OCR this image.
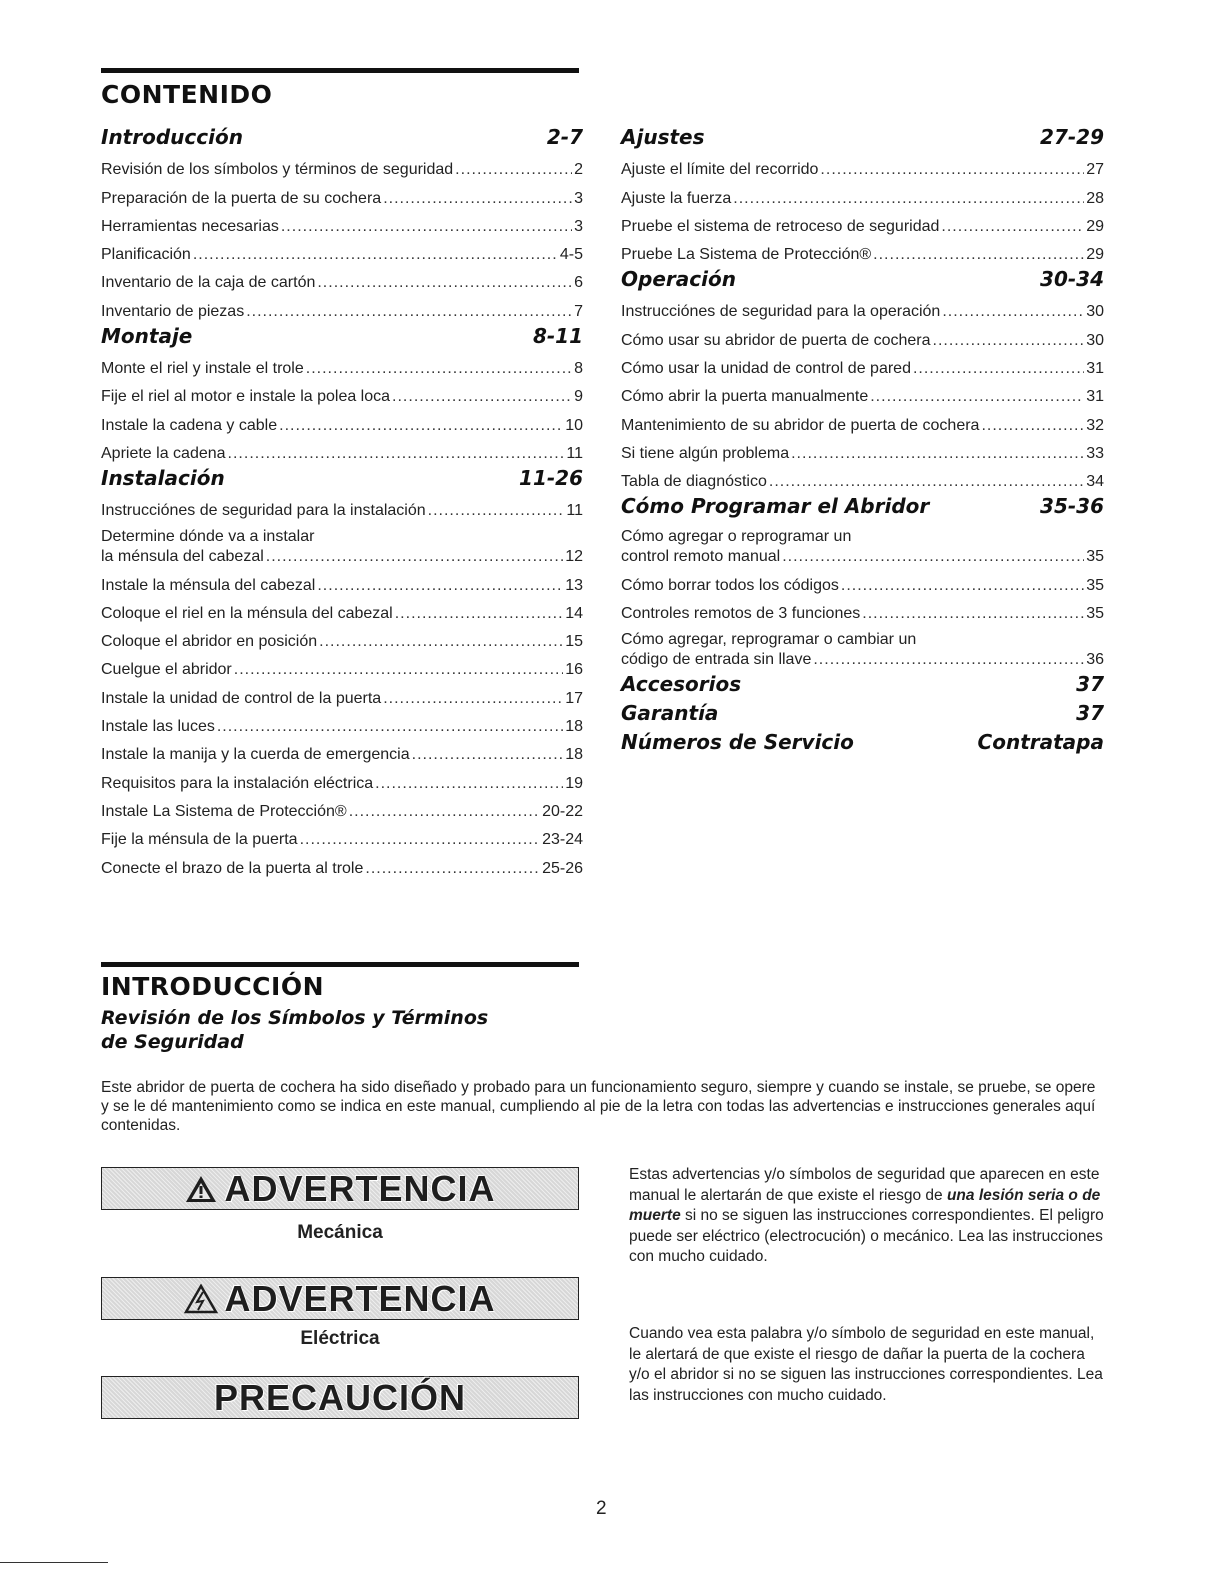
CONTENIDO
Introducción	2-7
Revisión de los símbolos y términos de seguridad .....	2
Preparación de la puerta de su cochera .....	3
Herramientas necesarias .....	3
Planificación .....	4-5
Inventario de la caja de cartón .....	6
Inventario de piezas .....	7
Montaje	8-11
Monte el riel y instale el trole .....	8
Fije el riel al motor e instale la polea loca .....	9
Instale la cadena y cable .....	10
Apriete la cadena .....	11
Instalación	11-26
Instrucciónes de seguridad para la instalación .....	11
Determine dónde va a instalar
la ménsula del cabezal .....	12
Instale la ménsula del cabezal .....	13
Coloque el riel en la ménsula del cabezal .....	14
Coloque el abridor en posición .....	15
Cuelgue el abridor .....	16
Instale la unidad de control de la puerta .....	17
Instale las luces .....	18
Instale la manija y la cuerda de emergencia .....	18
Requisitos para la instalación eléctrica .....	19
Instale La Sistema de Protección® .....	20-22
Fije la ménsula de la puerta .....	23-24
Conecte el brazo de la puerta al trole .....	25-26
Ajustes	27-29
Ajuste el límite del recorrido .....	27
Ajuste la fuerza .....	28
Pruebe el sistema de retroceso de seguridad .....	29
Pruebe La Sistema de Protección® .....	29
Operación	30-34
Instrucciónes de seguridad para la operación .....	30
Cómo usar su abridor de puerta de cochera .....	30
Cómo usar la unidad de control de pared .....	31
Cómo abrir la puerta manualmente .....	31
Mantenimiento de su abridor de puerta de cochera .....	32
Si tiene algún problema .....	33
Tabla de diagnóstico .....	34
Cómo Programar el Abridor	35-36
Cómo agregar o reprogramar un
control remoto manual .....	35
Cómo borrar todos los códigos .....	35
Controles remotos de 3 funciones .....	35
Cómo agregar, reprogramar o cambiar un
código de entrada sin llave .....	36
Accesorios	37
Garantía	37
Números de Servicio	Contratapa
INTRODUCCIÓN
Revisión de los Símbolos y Términos
de Seguridad
Este abridor de puerta de cochera ha sido diseñado y probado para un funcionamiento seguro, siempre y cuando se instale, se pruebe, se opere y se le dé mantenimiento como se indica en este manual, cumpliendo al pie de la letra con todas las advertencias e instrucciones generales aquí contenidas.
ADVERTENCIA
Mecánica
ADVERTENCIA
Eléctrica
PRECAUCIÓN
Estas advertencias y/o símbolos de seguridad que aparecen en este manual le alertarán de que existe el riesgo de una lesión seria o de muerte si no se siguen las instrucciones correspondientes. El peligro puede ser eléctrico (electrocución) o mecánico. Lea las instrucciones con mucho cuidado.
Cuando vea esta palabra y/o símbolo de seguridad en este manual, le alertará de que existe el riesgo de dañar la puerta de la cochera y/o el abridor si no se siguen las instrucciones correspondientes. Lea las instrucciones con mucho cuidado.
2
